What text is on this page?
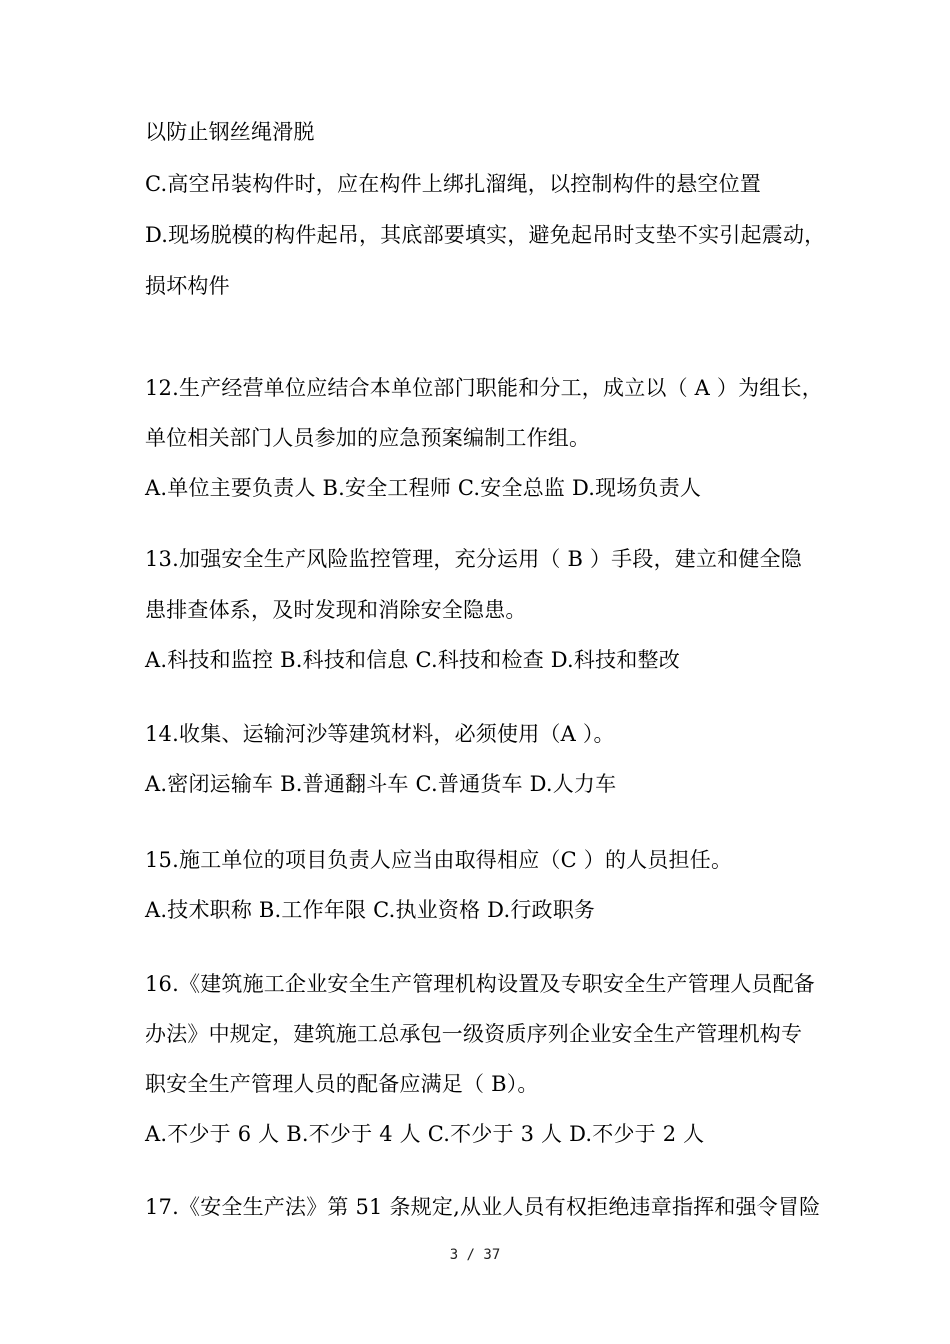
以防止钢丝绳滑脱
C.高空吊装构件时，应在构件上绑扎溜绳，以控制构件的悬空位置
D.现场脱模的构件起吊，其底部要填实，避免起吊时支垫不实引起震动，
损坏构件
12.生产经营单位应结合本单位部门职能和分工，成立以（ A ）为组长，
单位相关部门人员参加的应急预案编制工作组。
A.单位主要负责人 B.安全工程师 C.安全总监 D.现场负责人
13.加强安全生产风险监控管理，充分运用（ B ）手段，建立和健全隐
患排查体系，及时发现和消除安全隐患。
A.科技和监控 B.科技和信息 C.科技和检查 D.科技和整改
14.收集、运输河沙等建筑材料，必须使用（A ）。
A.密闭运输车 B.普通翻斗车 C.普通货车 D.人力车
15.施工单位的项目负责人应当由取得相应（C ）的人员担任。
A.技术职称 B.工作年限 C.执业资格 D.行政职务
16.《建筑施工企业安全生产管理机构设置及专职安全生产管理人员配备
办法》中规定，建筑施工总承包一级资质序列企业安全生产管理机构专
职安全生产管理人员的配备应满足（ B）。
A.不少于 6 人 B.不少于 4 人 C.不少于 3 人 D.不少于 2 人
17.《安全生产法》第 51 条规定,从业人员有权拒绝违章指挥和强令冒险
3 / 37
